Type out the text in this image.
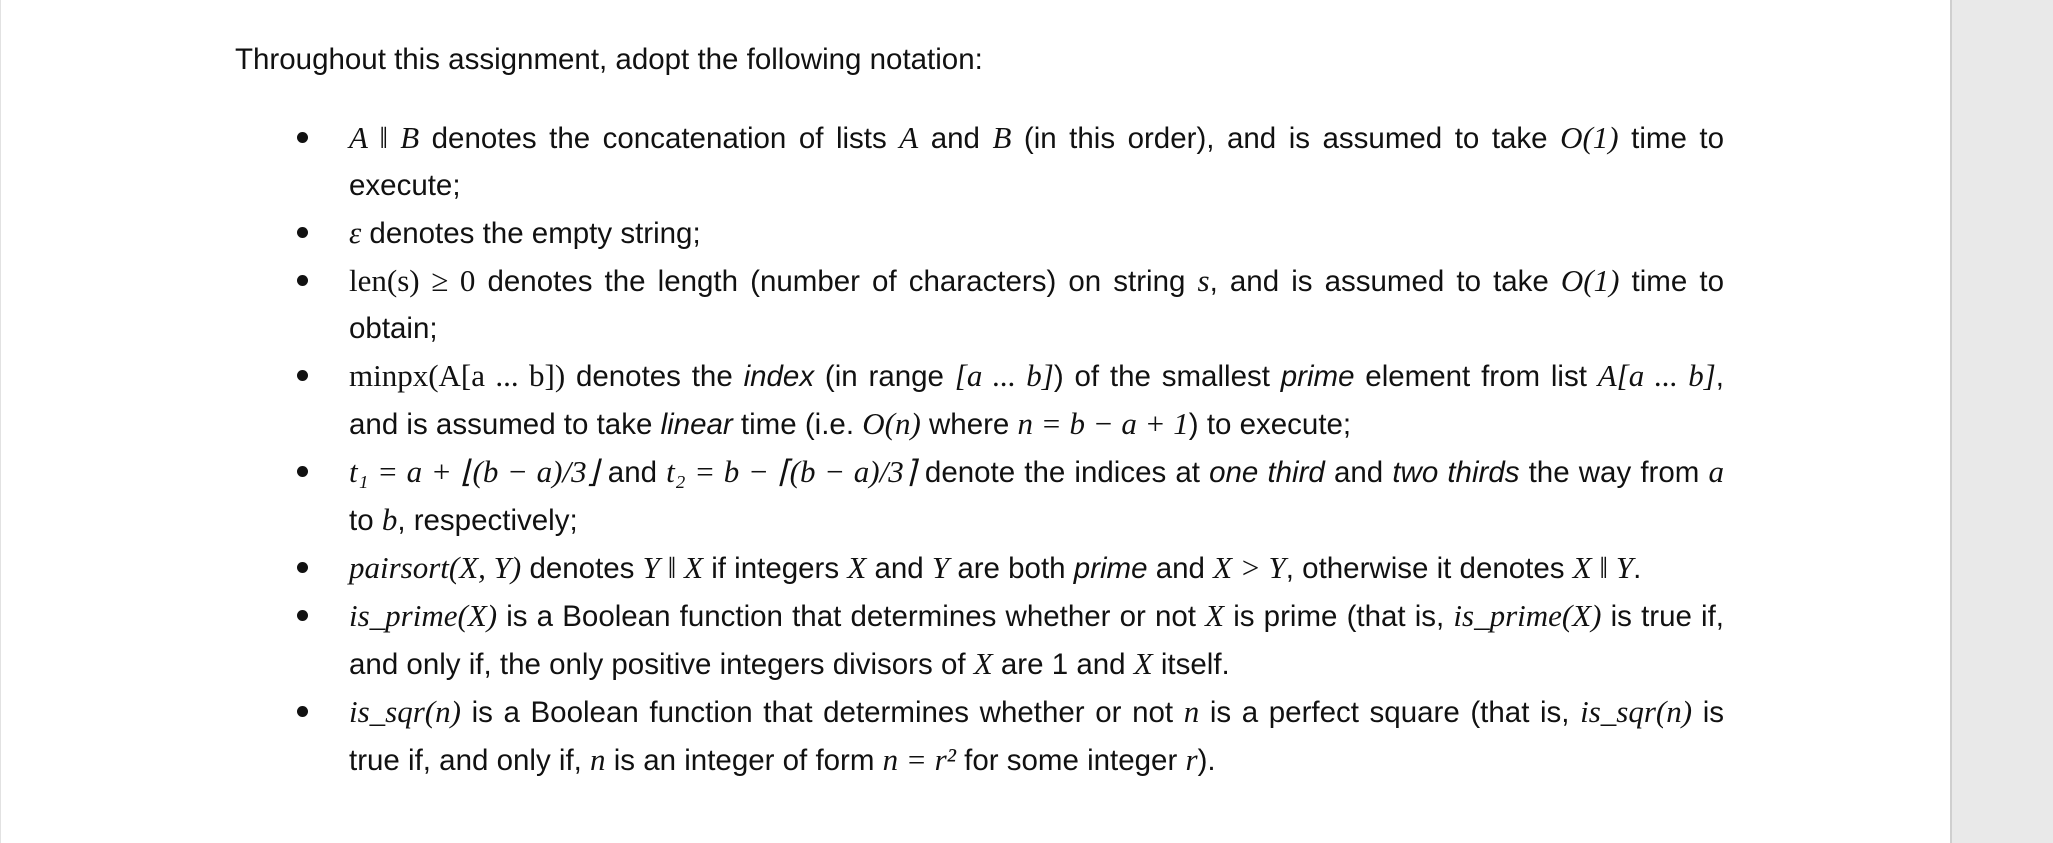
Throughout this assignment, adopt the following notation:

A ‖ B denotes the concatenation of lists A and B (in this order), and is assumed to take O(1) time to execute;
ε denotes the empty string;
len(s) ≥ 0 denotes the length (number of characters) on string s, and is assumed to take O(1) time to obtain;
minpx(A[a ... b]) denotes the index (in range [a ... b]) of the smallest prime element from list A[a ... b], and is assumed to take linear time (i.e. O(n) where n = b − a + 1) to execute;
t₁ = a + ⌊(b − a)/3⌋ and t₂ = b − ⌈(b − a)/3⌉ denote the indices at one third and two thirds the way from a to b, respectively;
pairsort(X, Y) denotes Y ‖ X if integers X and Y are both prime and X > Y, otherwise it denotes X ‖ Y.
is_prime(X) is a Boolean function that determines whether or not X is prime (that is, is_prime(X) is true if, and only if, the only positive integers divisors of X are 1 and X itself.
is_sqr(n) is a Boolean function that determines whether or not n is a perfect square (that is, is_sqr(n) is true if, and only if, n is an integer of form n = r² for some integer r).
